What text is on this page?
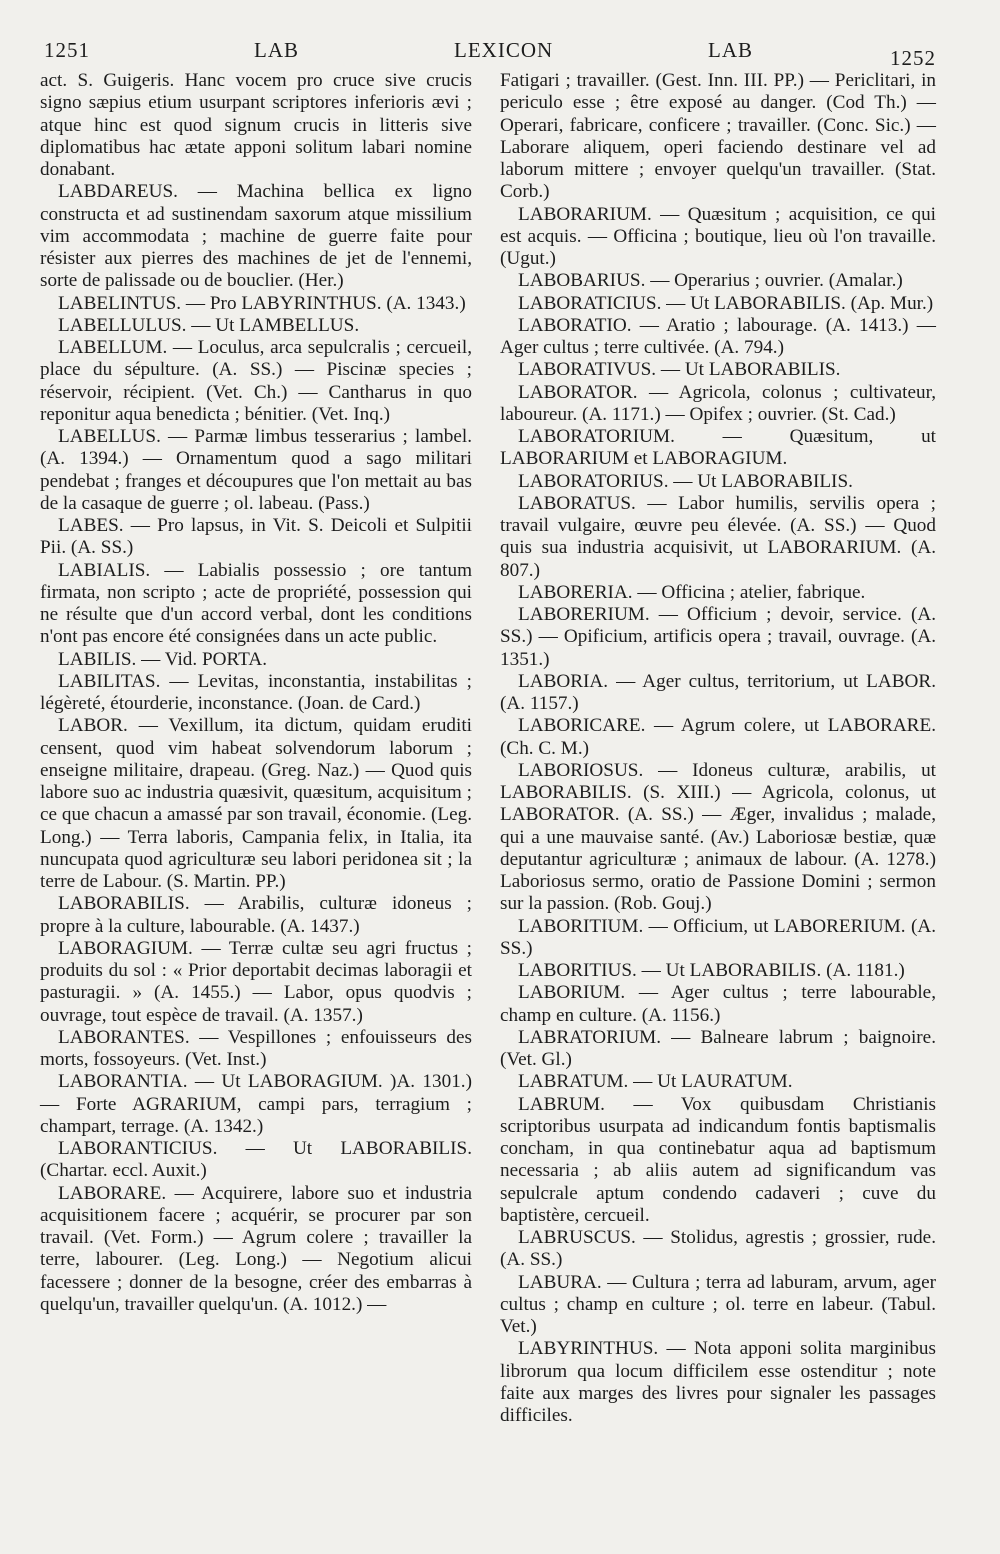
1251	LAB	LEXICON	LAB	1252

act. S. Guigeris. Hanc vocem pro cruce sive crucis signo sæpius etium usurpant scriptores inferioris ævi ; atque hinc est quod signum crucis in litteris sive diplomatibus hac ætate apponi solitum labari nomine donabant.

LABDAREUS. — Machina bellica ex ligno constructa et ad sustinendam saxorum atque missilium vim accommodata ; machine de guerre faite pour résister aux pierres des machines de jet de l'ennemi, sorte de palissade ou de bouclier. (Her.)

LABELINTUS. — Pro LABYRINTHUS. (A. 1343.)

LABELLULUS. — Ut LAMBELLUS.

LABELLUM. — Loculus, arca sepulcralis ; cercueil, place du sépulture. (A. SS.) — Piscinæ species ; réservoir, récipient. (Vet. Ch.) — Cantharus in quo reponitur aqua benedicta ; bénitier. (Vet. Inq.)

LABELLUS. — Parmæ limbus tesserarius ; lambel. (A. 1394.) — Ornamentum quod a sago militari pendebat ; franges et découpures que l'on mettait au bas de la casaque de guerre ; ol. labeau. (Pass.)

LABES. — Pro lapsus, in Vit. S. Deicoli et Sulpitii Pii. (A. SS.)

LABIALIS. — Labialis possessio ; ore tantum firmata, non scripto ; acte de propriété, possession qui ne résulte que d'un accord verbal, dont les conditions n'ont pas encore été consignées dans un acte public.

LABILIS. — Vid. PORTA.

LABILITAS. — Levitas, inconstantia, instabilitas ; légèreté, étourderie, inconstance. (Joan. de Card.)

LABOR. — Vexillum, ita dictum, quidam eruditi censent, quod vim habeat solvendorum laborum ; enseigne militaire, drapeau. (Greg. Naz.) — Quod quis labore suo ac industria quæsivit, quæsitum, acquisitum ; ce que chacun a amassé par son travail, économie. (Leg. Long.) — Terra laboris, Campania felix, in Italia, ita nuncupata quod agriculturæ seu labori peridonea sit ; la terre de Labour. (S. Martin. PP.)

LABORABILIS. — Arabilis, culturæ idoneus ; propre à la culture, labourable. (A. 1437.)

LABORAGIUM. — Terræ cultæ seu agri fructus ; produits du sol : « Prior deportabit decimas laboragii et pasturagii. » (A. 1455.) — Labor, opus quodvis ; ouvrage, tout espèce de travail. (A. 1357.)

LABORANTES. — Vespillones ; enfouisseurs des morts, fossoyeurs. (Vet. Inst.)

LABORANTIA. — Ut LABORAGIUM. )A. 1301.) — Forte AGRARIUM, campi pars, terragium ; champart, terrage. (A. 1342.)

LABORANTICIUS. — Ut LABORABILIS. (Chartar. eccl. Auxit.)

LABORARE. — Acquirere, labore suo et industria acquisitionem facere ; acquérir, se procurer par son travail. (Vet. Form.) — Agrum colere ; travailler la terre, labourer. (Leg. Long.) — Negotium alicui facessere ; donner de la besogne, créer des embarras à quelqu'un, travailler quelqu'un. (A. 1012.) —

Fatigari ; travailler. (Gest. Inn. III. PP.) — Periclitari, in periculo esse ; être exposé au danger. (Cod Th.) — Operari, fabricare, conficere ; travailler. (Conc. Sic.) — Laborare aliquem, operi faciendo destinare vel ad laborum mittere ; envoyer quelqu'un travailler. (Stat. Corb.)

LABORARIUM. — Quæsitum ; acquisition, ce qui est acquis. — Officina ; boutique, lieu où l'on travaille. (Ugut.)

LABOBARIUS. — Operarius ; ouvrier. (Amalar.)

LABORATICIUS. — Ut LABORABILIS. (Ap. Mur.)

LABORATIO. — Aratio ; labourage. (A. 1413.) — Ager cultus ; terre cultivée. (A. 794.)

LABORATIVUS. — Ut LABORABILIS.

LABORATOR. — Agricola, colonus ; cultivateur, laboureur. (A. 1171.) — Opifex ; ouvrier. (St. Cad.)

LABORATORIUM. — Quæsitum, ut LABORARIUM et LABORAGIUM.

LABORATORIUS. — Ut LABORABILIS.

LABORATUS. — Labor humilis, servilis opera ; travail vulgaire, œuvre peu élevée. (A. SS.) — Quod quis sua industria acquisivit, ut LABORARIUM. (A. 807.)

LABORERIA. — Officina ; atelier, fabrique.

LABORERIUM. — Officium ; devoir, service. (A. SS.) — Opificium, artificis opera ; travail, ouvrage. (A. 1351.)

LABORIA. — Ager cultus, territorium, ut LABOR. (A. 1157.)

LABORICARE. — Agrum colere, ut LABORARE. (Ch. C. M.)

LABORIOSUS. — Idoneus culturæ, arabilis, ut LABORABILIS. (S. XIII.) — Agricola, colonus, ut LABORATOR. (A. SS.) — Æger, invalidus ; malade, qui a une mauvaise santé. (Av.) Laboriosæ bestiæ, quæ deputantur agriculturæ ; animaux de labour. (A. 1278.) Laboriosus sermo, oratio de Passione Domini ; sermon sur la passion. (Rob. Gouj.)

LABORITIUM. — Officium, ut LABORERIUM. (A. SS.)

LABORITIUS. — Ut LABORABILIS. (A. 1181.)

LABORIUM. — Ager cultus ; terre labourable, champ en culture. (A. 1156.)

LABRATORIUM. — Balneare labrum ; baignoire. (Vet. Gl.)

LABRATUM. — Ut LAURATUM.

LABRUM. — Vox quibusdam Christianis scriptoribus usurpata ad indicandum fontis baptismalis concham, in qua continebatur aqua ad baptismum necessaria ; ab aliis autem ad significandum vas sepulcrale aptum condendo cadaveri ; cuve du baptistère, cercueil.

LABRUSCUS. — Stolidus, agrestis ; grossier, rude. (A. SS.)

LABURA. — Cultura ; terra ad laburam, arvum, ager cultus ; champ en culture ; ol. terre en labeur. (Tabul. Vet.)

LABYRINTHUS. — Nota apponi solita marginibus librorum qua locum difficilem esse ostenditur ; note faite aux marges des livres pour signaler les passages difficiles.
